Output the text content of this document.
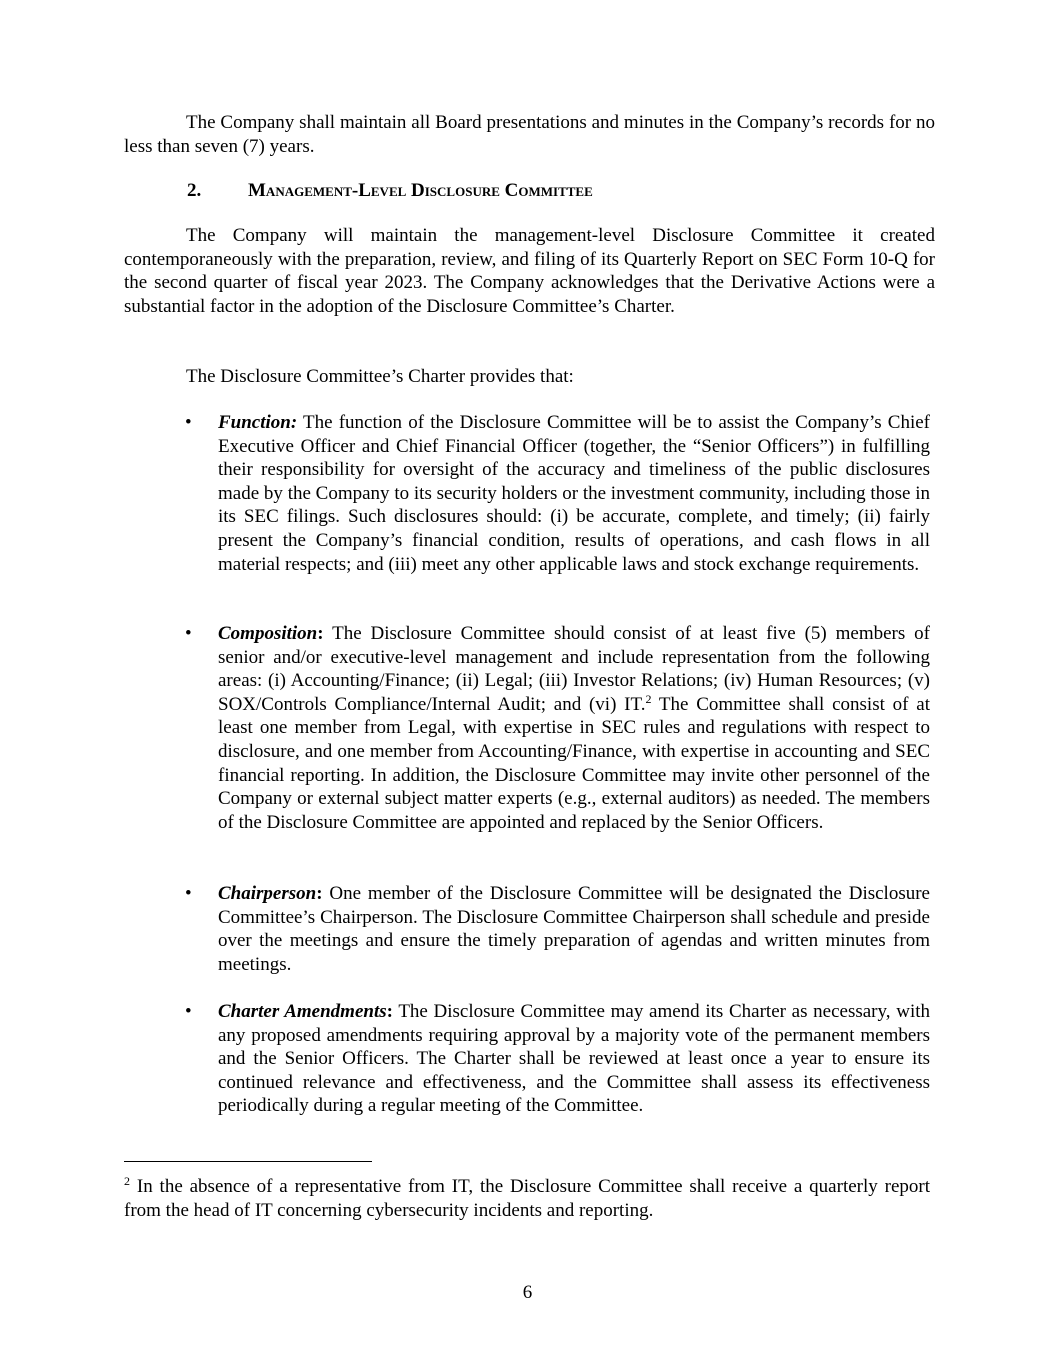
The Company shall maintain all Board presentations and minutes in the Company’s records for no less than seven (7) years.

2. Management-Level Disclosure Committee

The Company will maintain the management-level Disclosure Committee it created contemporaneously with the preparation, review, and filing of its Quarterly Report on SEC Form 10-Q for the second quarter of fiscal year 2023. The Company acknowledges that the Derivative Actions were a substantial factor in the adoption of the Disclosure Committee’s Charter.

The Disclosure Committee’s Charter provides that:

• Function: The function of the Disclosure Committee will be to assist the Company’s Chief Executive Officer and Chief Financial Officer (together, the “Senior Officers”) in fulfilling their responsibility for oversight of the accuracy and timeliness of the public disclosures made by the Company to its security holders or the investment community, including those in its SEC filings. Such disclosures should: (i) be accurate, complete, and timely; (ii) fairly present the Company’s financial condition, results of operations, and cash flows in all material respects; and (iii) meet any other applicable laws and stock exchange requirements.

• Composition: The Disclosure Committee should consist of at least five (5) members of senior and/or executive-level management and include representation from the following areas: (i) Accounting/Finance; (ii) Legal; (iii) Investor Relations; (iv) Human Resources; (v) SOX/Controls Compliance/Internal Audit; and (vi) IT.$^2$ The Committee shall consist of at least one member from Legal, with expertise in SEC rules and regulations with respect to disclosure, and one member from Accounting/Finance, with expertise in accounting and SEC financial reporting. In addition, the Disclosure Committee may invite other personnel of the Company or external subject matter experts (e.g., external auditors) as needed. The members of the Disclosure Committee are appointed and replaced by the Senior Officers.

• Chairperson: One member of the Disclosure Committee will be designated the Disclosure Committee’s Chairperson. The Disclosure Committee Chairperson shall schedule and preside over the meetings and ensure the timely preparation of agendas and written minutes from meetings.

• Charter Amendments: The Disclosure Committee may amend its Charter as necessary, with any proposed amendments requiring approval by a majority vote of the permanent members and the Senior Officers. The Charter shall be reviewed at least once a year to ensure its continued relevance and effectiveness, and the Committee shall assess its effectiveness periodically during a regular meeting of the Committee.

$^2$ In the absence of a representative from IT, the Disclosure Committee shall receive a quarterly report from the head of IT concerning cybersecurity incidents and reporting.

6
